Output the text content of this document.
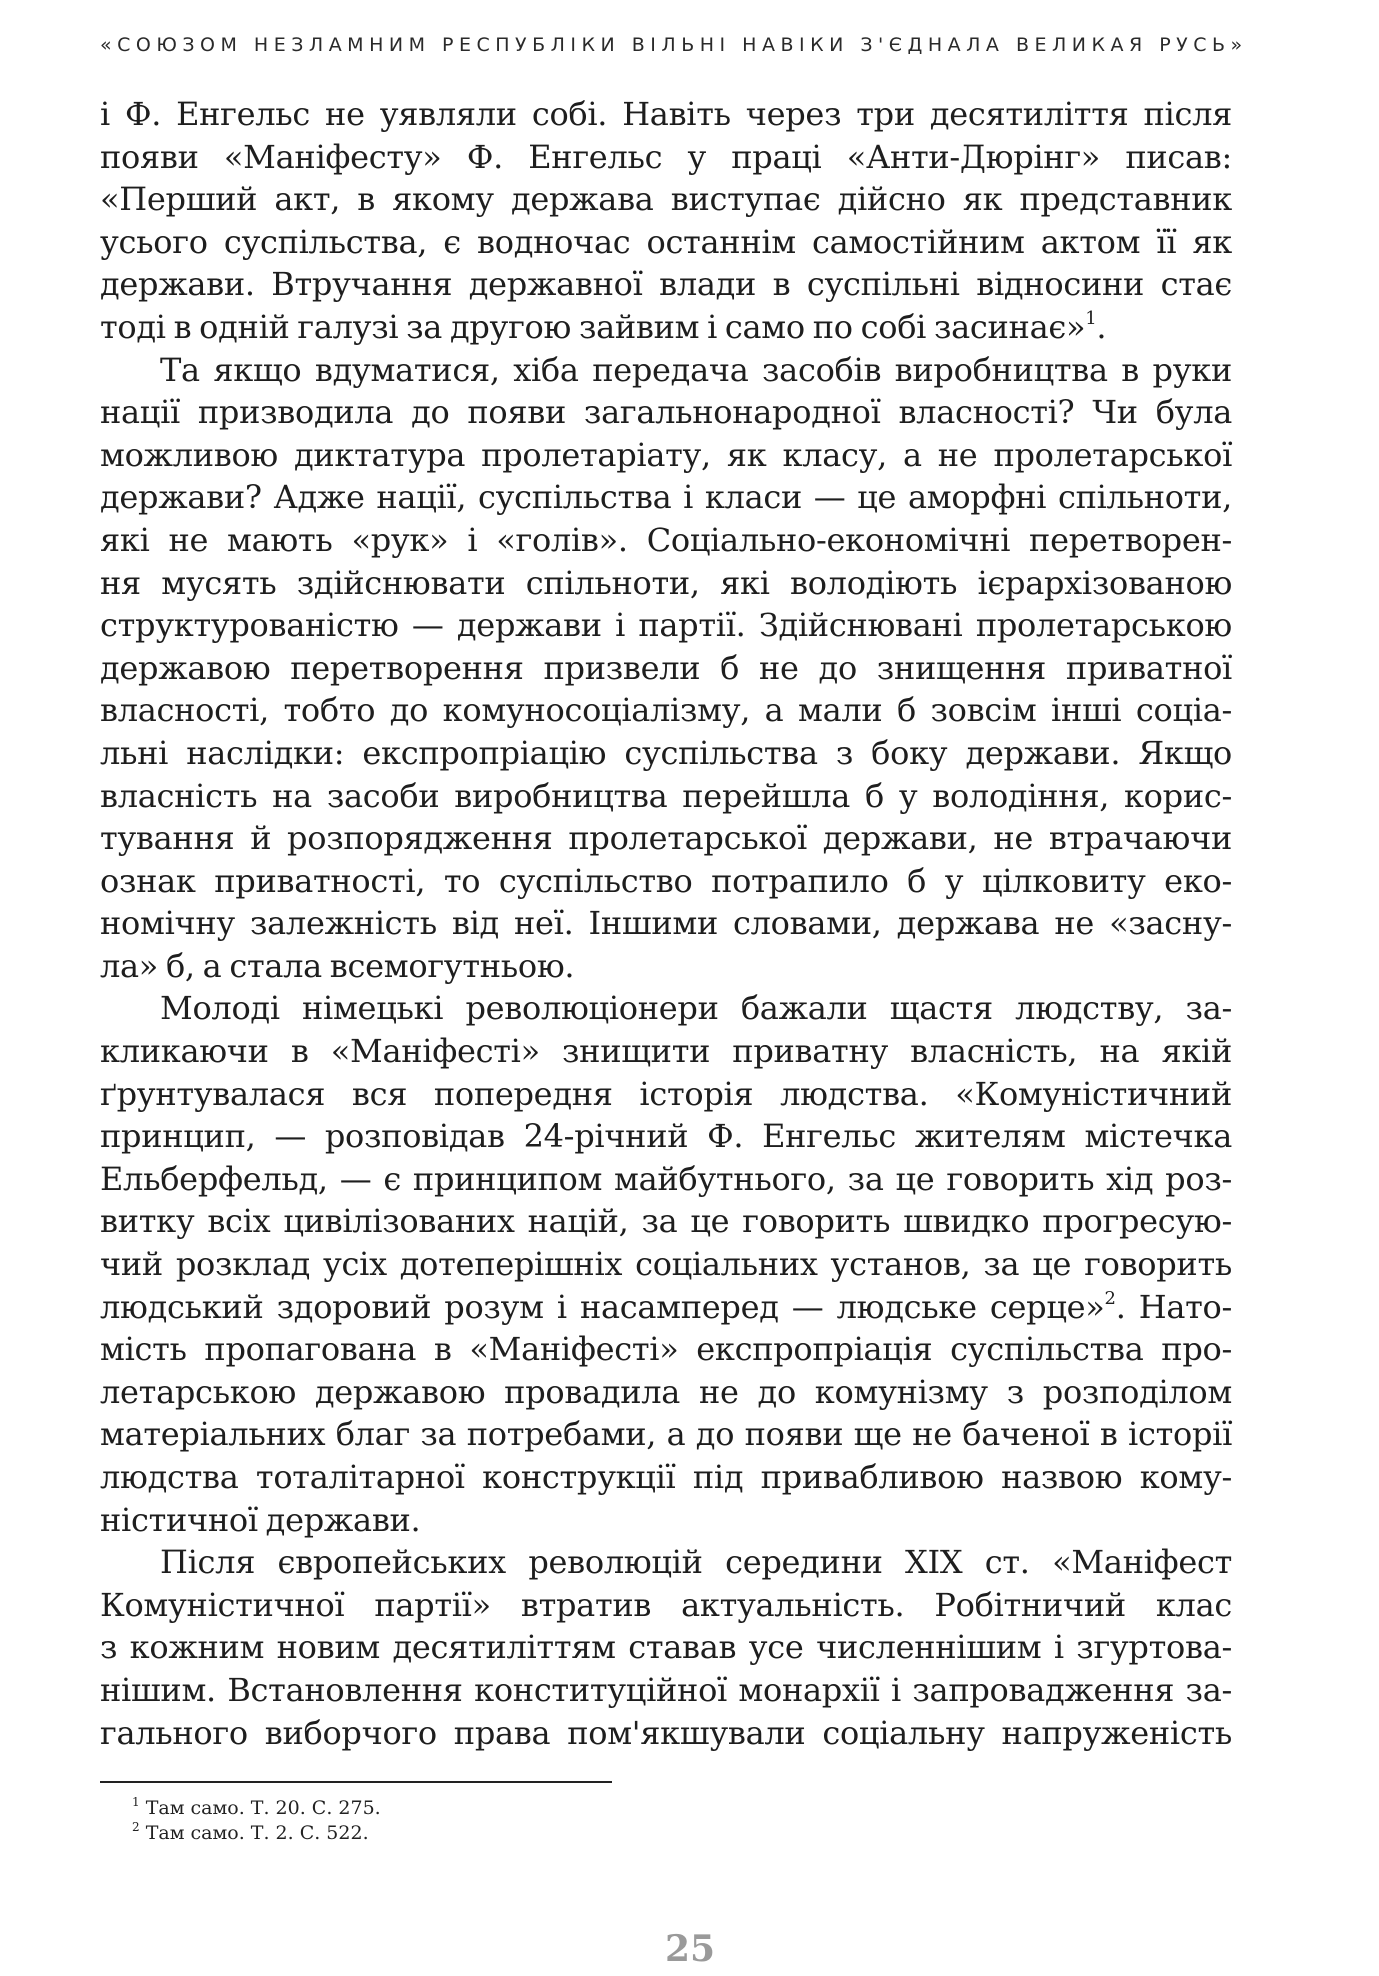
«СОЮЗОМ НЕЗЛАМНИМ РЕСПУБЛІКИ ВІЛЬНІ НАВІКИ З'ЄДНАЛА ВЕЛИКАЯ РУСЬ»

і Ф. Енгельс не уявляли собі. Навіть через три десятиліття після
появи «Маніфесту» Ф. Енгельс у праці «Анти-Дюрінг» писав:
«Перший акт, в якому держава виступає дійсно як представник
усього суспільства, є водночас останнім самостійним актом її як
держави. Втручання державної влади в суспільні відносини стає
тоді в одній галузі за другою зайвим і само по собі засинає»$^1$.

Та якщо вдуматися, хіба передача засобів виробництва в руки
нації призводила до появи загальнонародної власності? Чи була
можливою диктатура пролетаріату, як класу, а не пролетарської
держави? Адже нації, суспільства і класи — це аморфні спільноти,
які не мають «рук» і «голів». Соціально-економічні перетворен-
ня мусять здійснювати спільноти, які володіють ієрархізованою
структурованістю — держави і партії. Здійснювані пролетарською
державою перетворення призвели б не до знищення приватної
власності, тобто до комуносоціалізму, а мали б зовсім інші соціа-
льні наслідки: експропріацію суспільства з боку держави. Якщо
власність на засоби виробництва перейшла б у володіння, корис-
тування й розпорядження пролетарської держави, не втрачаючи
ознак приватності, то суспільство потрапило б у цілковиту еко-
номічну залежність від неї. Іншими словами, держава не «засну-
ла» б, а стала всемогутньою.

Молоді німецькі революціонери бажали щастя людству, за-
кликаючи в «Маніфесті» знищити приватну власність, на якій
ґрунтувалася вся попередня історія людства. «Комуністичний
принцип, — розповідав 24-річний Ф. Енгельс жителям містечка
Ельберфельд, — є принципом майбутнього, за це говорить хід роз-
витку всіх цивілізованих націй, за це говорить швидко прогресую-
чий розклад усіх дотеперішніх соціальних установ, за це говорить
людський здоровий розум і насамперед — людське серце»$^2$. Нато-
міcть пропагована в «Маніфесті» експропріація суспільства про-
летарською державою провадила не до комунізму з розподілом
матеріальних благ за потребами, а до появи ще не баченої в історії
людства тоталітарної конструкції під привабливою назвою кому-
ністичної держави.

Після європейських революцій середини XIX ст. «Маніфест
Комуністичної партії» втратив актуальність. Робітничий клас
з кожним новим десятиліттям ставав усе численнішим і згуртова-
нішим. Встановлення конституційної монархії і запровадження за-
гального виборчого права пом'якшували соціальну напруженість

$^1$ Там само. Т. 20. С. 275.
$^2$ Там само. Т. 2. С. 522.
25
